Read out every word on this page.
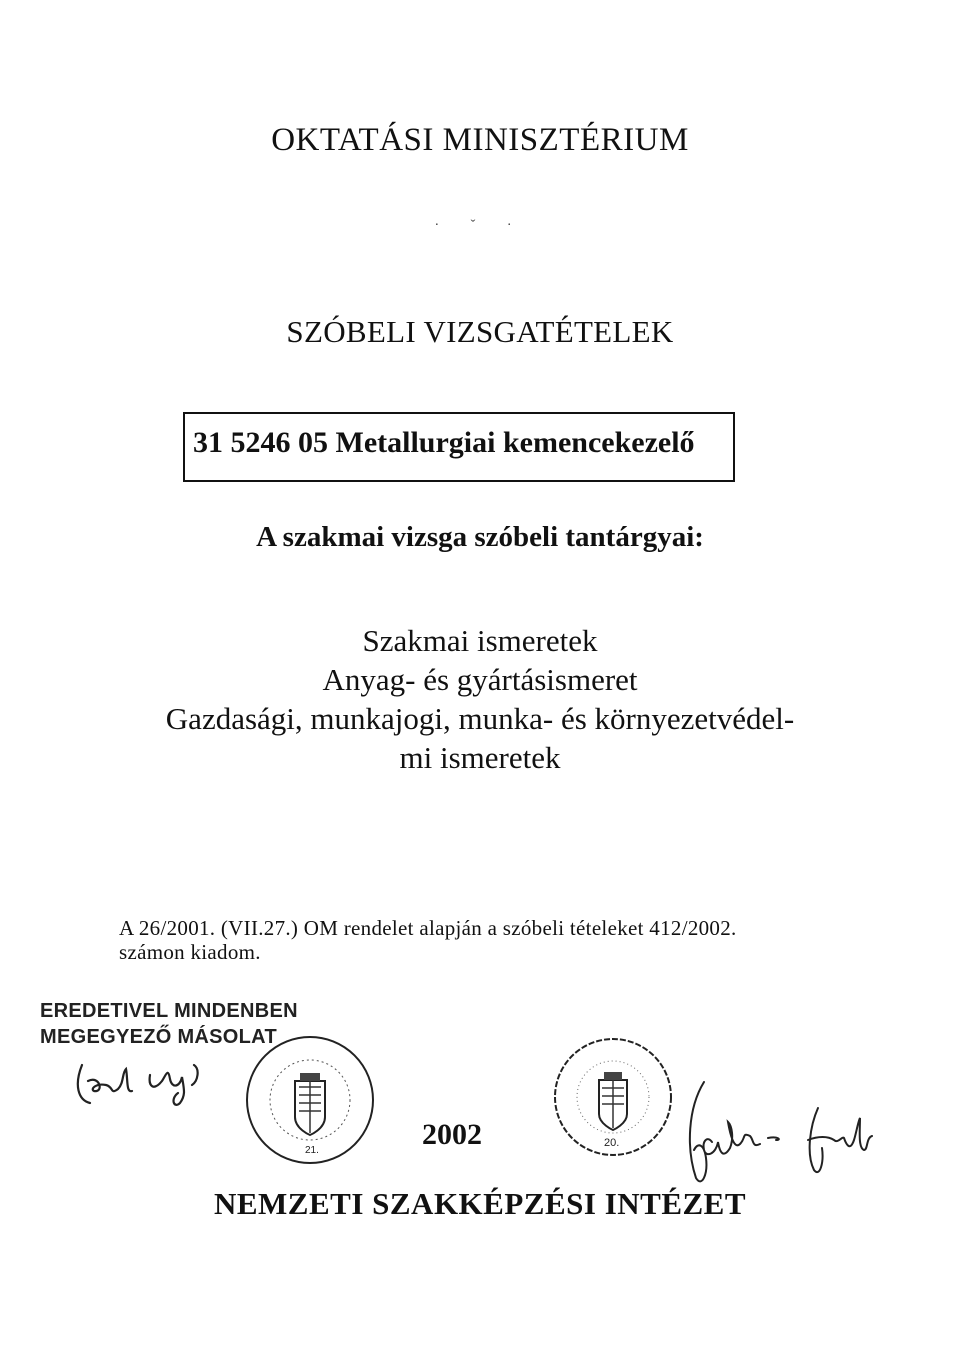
OKTATÁSI MINISZTÉRIUM
· ˇ ·
SZÓBELI VIZSGATÉTELEK
31 5246 05 Metallurgiai kemencekezelő
A szakmai vizsga szóbeli tantárgyai:
Szakmai ismeretek
Anyag- és gyártásismeret
Gazdasági, munkajogi, munka- és környezetvédel-
mi ismeretek
A 26/2001. (VII.27.) OM rendelet alapján a szóbeli tételeket 412/2002.
számon kiadom.
EREDETIVEL MINDENBEN
MEGEGYEZŐ MÁSOLAT
21.
20.
2002
NEMZETI SZAKKÉPZÉSI INTÉZET
